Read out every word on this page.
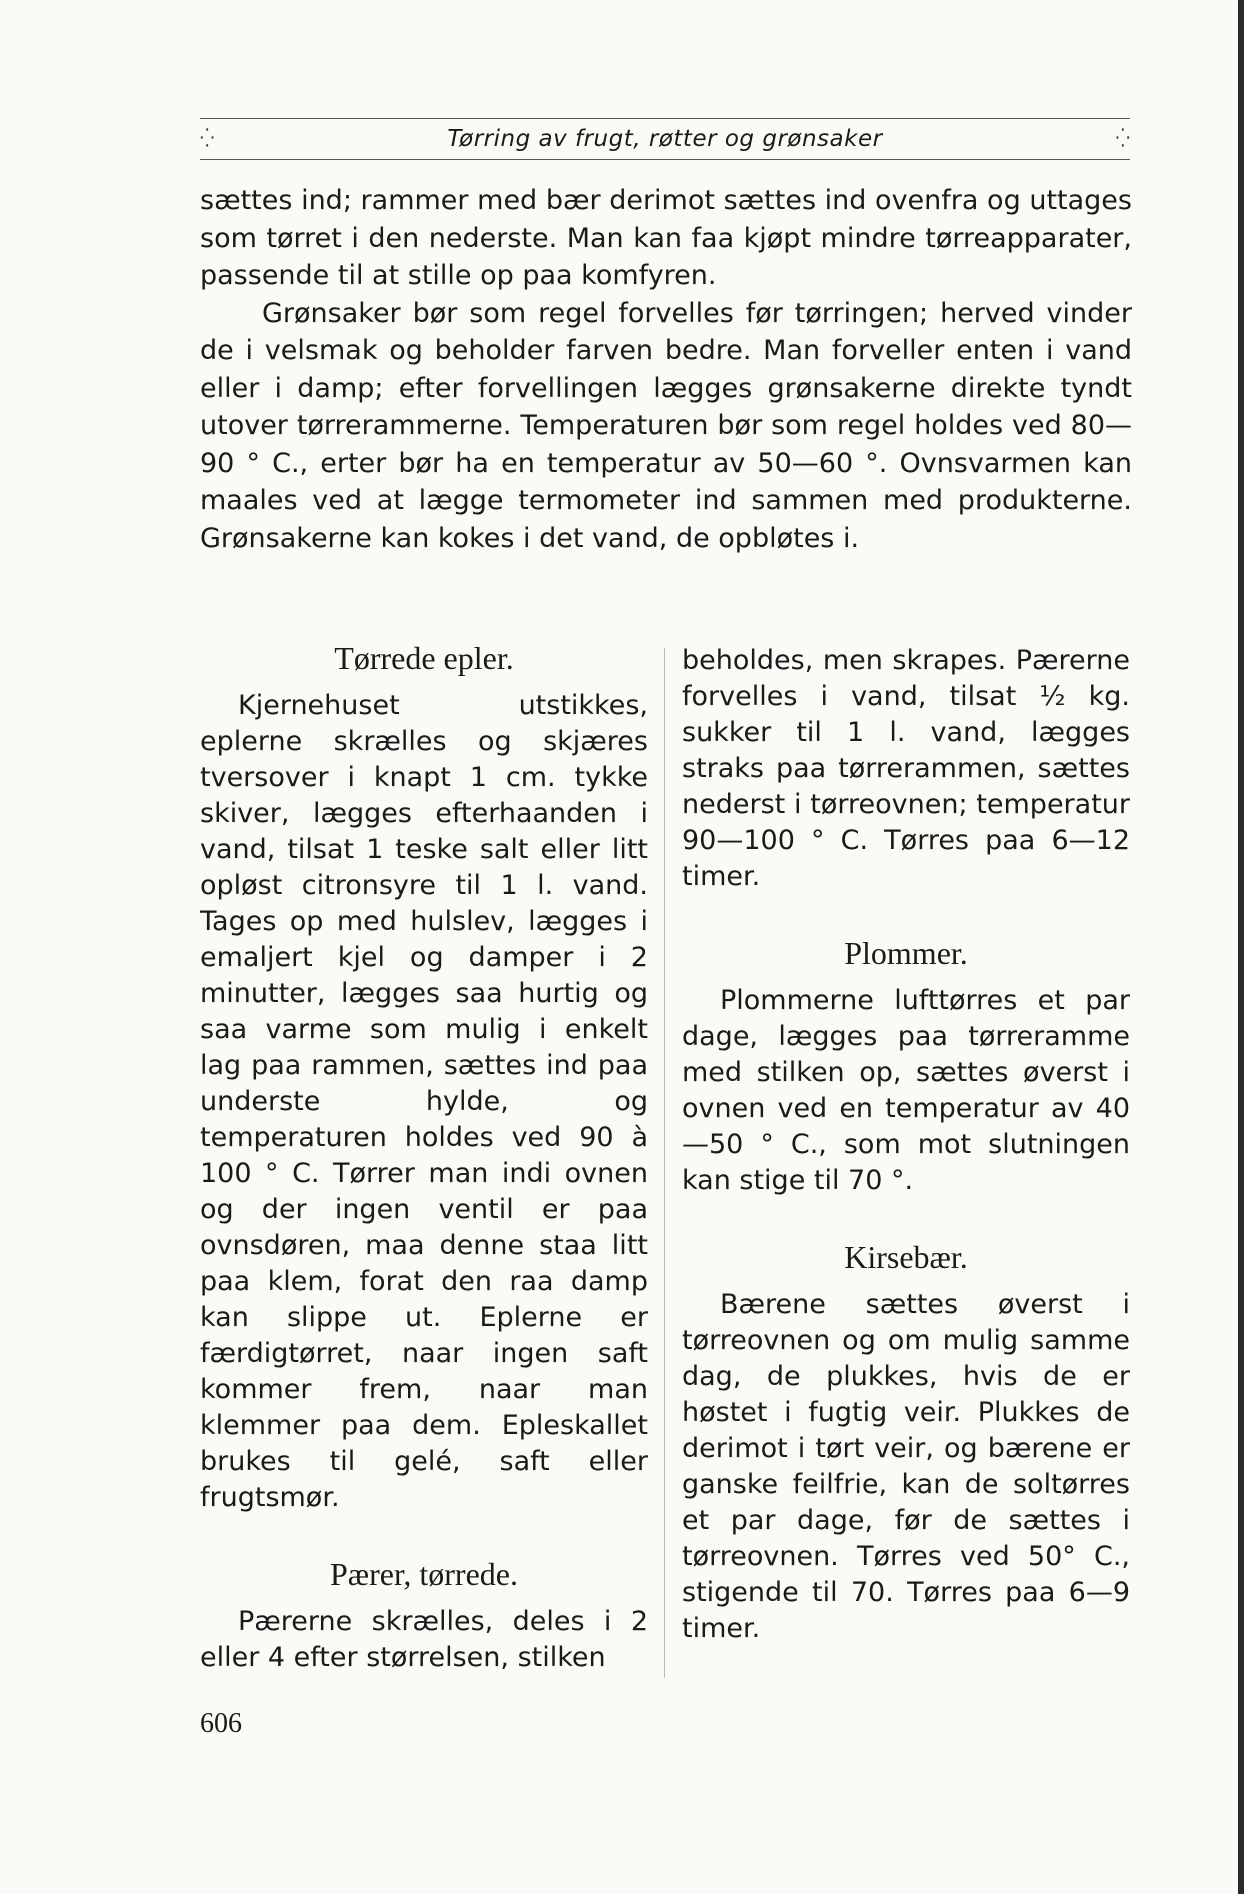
⁛	Tørring av frugt, røtter og grønsaker	⁛

sættes ind; rammer med bær derimot sættes ind ovenfra og uttages som tørret i den nederste. Man kan faa kjøpt mindre tørreapparater, passende til at stille op paa komfyren.

Grønsaker bør som regel forvelles før tørringen; herved vinder de i velsmak og beholder farven bedre. Man forveller enten i vand eller i damp; efter forvellingen lægges grønsakerne direkte tyndt utover tørrerammerne. Temperaturen bør som regel holdes ved 80—90 ° C., erter bør ha en temperatur av 50—60 °. Ovnsvarmen kan maales ved at lægge termometer ind sammen med produkterne. Grønsakerne kan kokes i det vand, de opbløtes i.

Tørrede epler.

Kjernehuset utstikkes, eplerne skrælles og skjæres tversover i knapt 1 cm. tykke skiver, lægges efterhaanden i vand, tilsat 1 teske salt eller litt opløst citronsyre til 1 l. vand. Tages op med hulslev, lægges i emaljert kjel og damper i 2 minutter, lægges saa hurtig og saa varme som mulig i enkelt lag paa rammen, sættes ind paa underste hylde, og temperaturen holdes ved 90 à 100 ° C. Tørrer man indi ovnen og der ingen ventil er paa ovnsdøren, maa denne staa litt paa klem, forat den raa damp kan slippe ut. Eplerne er færdigtørret, naar ingen saft kommer frem, naar man klemmer paa dem. Epleskallet brukes til gelé, saft eller frugtsmør.

Pærer, tørrede.

Pærerne skrælles, deles i 2 eller 4 efter størrelsen, stilken

beholdes, men skrapes. Pærerne forvelles i vand, tilsat ½ kg. sukker til 1 l. vand, lægges straks paa tørrerammen, sættes nederst i tørreovnen; temperatur 90—100 ° C. Tørres paa 6—12 timer.

Plommer.

Plommerne lufttørres et par dage, lægges paa tørreramme med stilken op, sættes øverst i ovnen ved en temperatur av 40—50 ° C., som mot slutningen kan stige til 70 °.

Kirsebær.

Bærene sættes øverst i tørreovnen og om mulig samme dag, de plukkes, hvis de er høstet i fugtig veir. Plukkes de derimot i tørt veir, og bærene er ganske feilfrie, kan de soltørres et par dage, før de sættes i tørreovnen. Tørres ved 50° C., stigende til 70. Tørres paa 6—9 timer.

606
